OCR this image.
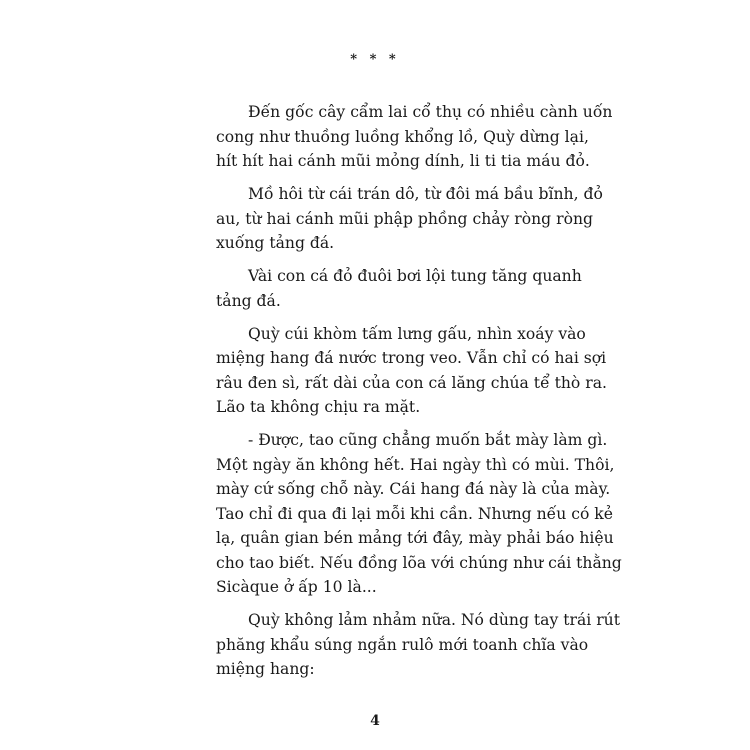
* * *
Đến gốc cây cẩm lai cổ thụ có nhiều cành uốn
cong như thuồng luồng khổng lồ, Quỳ dừng lại,
hít hít hai cánh mũi mỏng dính, li ti tia máu đỏ.
Mồ hôi từ cái trán dô, từ đôi má bầu bĩnh, đỏ
au, từ hai cánh mũi phập phồng chảy ròng ròng
xuống tảng đá.
Vài con cá đỏ đuôi bơi lội tung tăng quanh
tảng đá.
Quỳ cúi khòm tấm lưng gấu, nhìn xoáy vào
miệng hang đá nước trong veo. Vẫn chỉ có hai sợi
râu đen sì, rất dài của con cá lăng chúa tể thò ra.
Lão ta không chịu ra mặt.
- Được, tao cũng chẳng muốn bắt mày làm gì.
Một ngày ăn không hết. Hai ngày thì có mùi. Thôi,
mày cứ sống chỗ này. Cái hang đá này là của mày.
Tao chỉ đi qua đi lại mỗi khi cần. Nhưng nếu có kẻ
lạ, quân gian bén mảng tới đây, mày phải báo hiệu
cho tao biết. Nếu đồng lõa với chúng như cái thằng
Sicàque ở ấp 10 là...
Quỳ không lảm nhảm nữa. Nó dùng tay trái rút
phăng khẩu súng ngắn rulô mới toanh chĩa vào
miệng hang:
4
